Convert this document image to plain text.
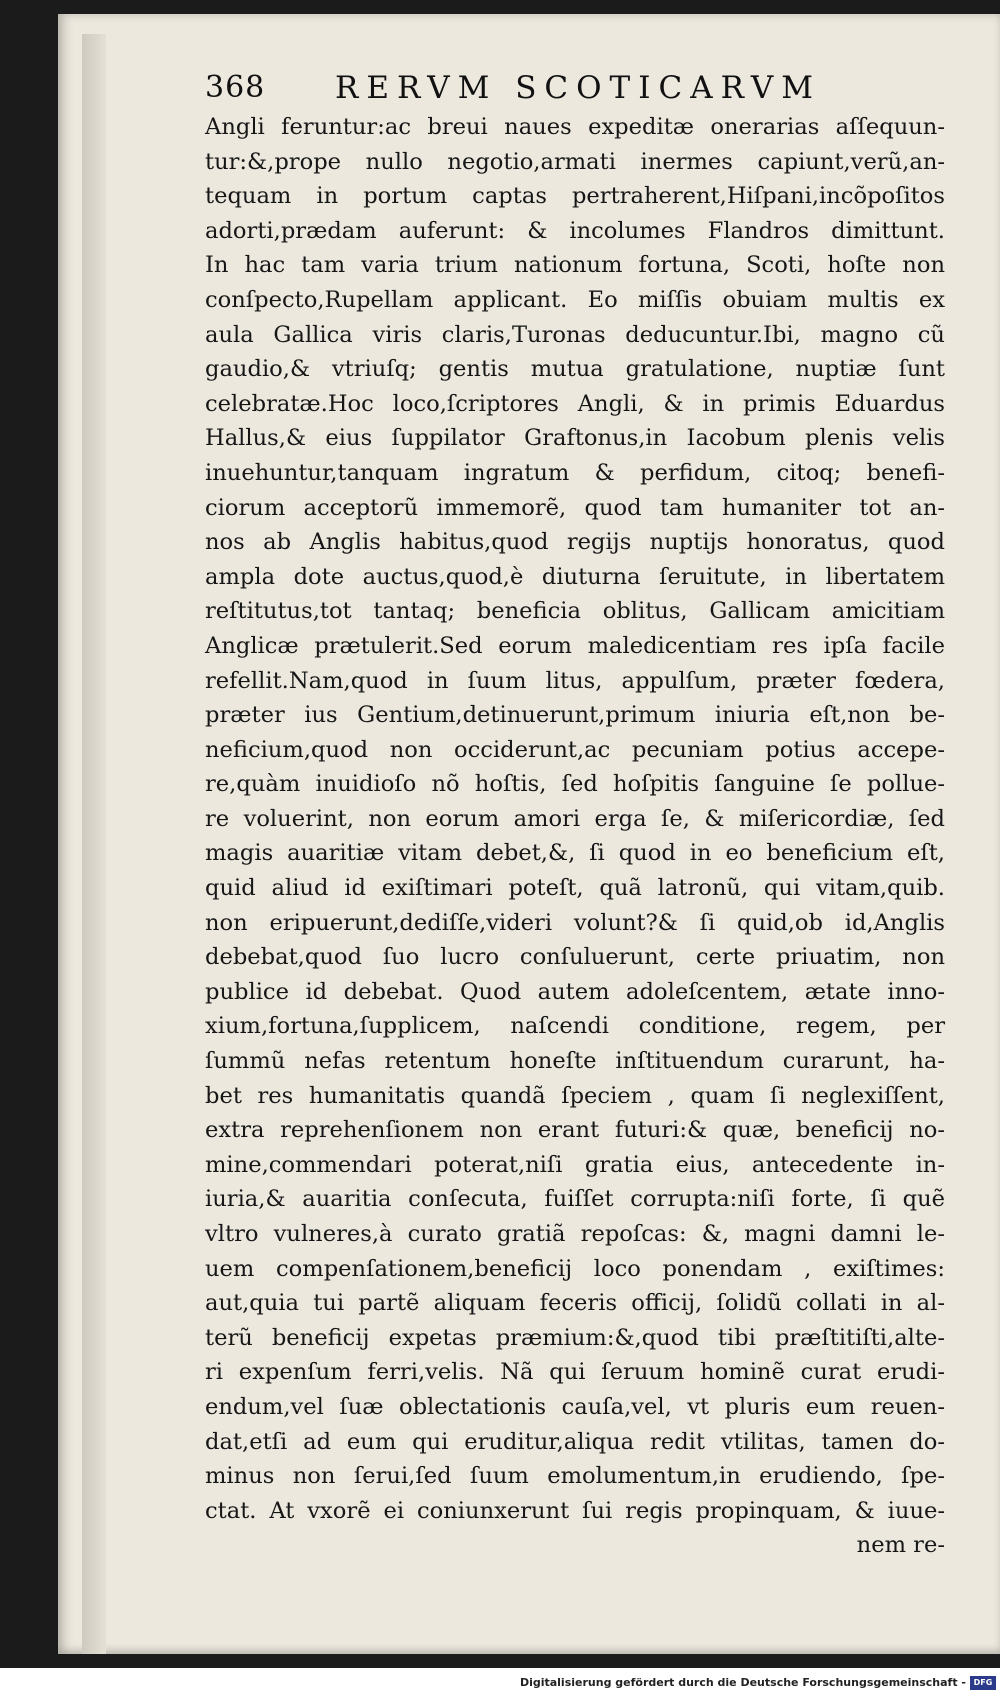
368 RERVM SCOTICARVM
Angli feruntur:ac breui naues expeditæ onerarias aſſequun-
tur:&,prope nullo negotio,armati inermes capiunt,verũ,an-
tequam in portum captas pertraherent,Hiſpani,incõpoſitos
adorti,prædam auferunt: & incolumes Flandros dimittunt.
In hac tam varia trium nationum fortuna, Scoti, hoſte non
conſpecto,Rupellam applicant. Eo miſſis obuiam multis ex
aula Gallica viris claris,Turonas deducuntur.Ibi, magno cũ
gaudio,& vtriuſq; gentis mutua gratulatione, nuptiæ ſunt
celebratæ.Hoc loco,ſcriptores Angli, & in primis Eduardus
Hallus,& eius ſuppilator Graftonus,in Iacobum plenis velis
inuehuntur,tanquam ingratum & perfidum, citoq; benefi-
ciorum acceptorũ immemorẽ, quod tam humaniter tot an-
nos ab Anglis habitus,quod regijs nuptijs honoratus, quod
ampla dote auctus,quod,è diuturna ſeruitute, in libertatem
reſtitutus,tot tantaq; beneficia oblitus, Gallicam amicitiam
Anglicæ prætulerit.Sed eorum maledicentiam res ipſa facile
refellit.Nam,quod in ſuum litus, appulſum, præter fœdera,
præter ius Gentium,detinuerunt,primum iniuria eſt,non be-
neficium,quod non occiderunt,ac pecuniam potius accepe-
re,quàm inuidioſo nõ hoſtis, ſed hoſpitis ſanguine ſe pollue-
re voluerint, non eorum amori erga ſe, & miſericordiæ, ſed
magis auaritiæ vitam debet,&, ſi quod in eo beneficium eſt,
quid aliud id exiſtimari poteſt, quã latronũ, qui vitam,quib.
non eripuerunt,dediſſe,videri volunt?& ſi quid,ob id,Anglis
debebat,quod ſuo lucro conſuluerunt, certe priuatim, non
publice id debebat. Quod autem adoleſcentem, ætate inno-
xium,fortuna,ſupplicem, naſcendi conditione, regem, per
ſummũ nefas retentum honeſte inſtituendum curarunt, ha-
bet res humanitatis quandã ſpeciem , quam ſi neglexiſſent,
extra reprehenſionem non erant futuri:& quæ, beneficij no-
mine,commendari poterat,niſi gratia eius, antecedente in-
iuria,& auaritia conſecuta, fuiſſet corrupta:niſi forte, ſi quẽ
vltro vulneres,à curato gratiã repoſcas: &, magni damni le-
uem compenſationem,beneficij loco ponendam , exiſtimes:
aut,quia tui partẽ aliquam feceris officij, ſolidũ collati in al-
terũ beneficij expetas præmium:&,quod tibi præſtitiſti,alte-
ri expenſum ferri,velis. Nã qui ſeruum hominẽ curat erudi-
endum,vel ſuæ oblectationis cauſa,vel, vt pluris eum reuen-
dat,etſi ad eum qui eruditur,aliqua redit vtilitas, tamen do-
minus non ſerui,ſed ſuum emolumentum,in erudiendo, ſpe-
ctat. At vxorẽ ei coniunxerunt ſui regis propinquam, & iuue-
nem re-
Digitalisierung gefördert durch die Deutsche Forschungsgemeinschaft - DFG
